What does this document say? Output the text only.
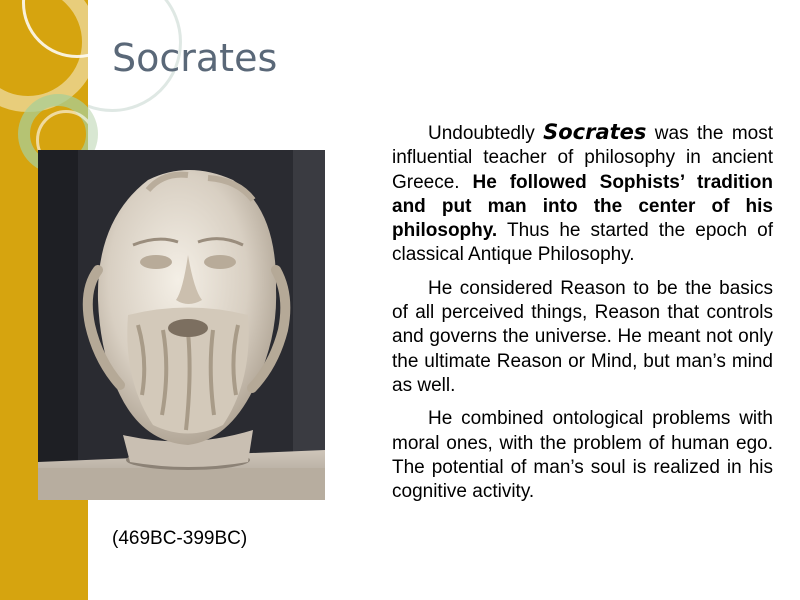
Socrates
(469BC-399BC)

Undoubtedly Socrates was the most influential teacher of philosophy in ancient Greece. He followed Sophists’ tradition and put man into the center of his philosophy. Thus he started the epoch of classical Antique Philosophy.

He considered Reason to be the basics of all perceived things, Reason that controls and governs the universe. He meant not only the ultimate Reason or Mind, but man’s mind as well.

He combined ontological problems with moral ones, with the problem of human ego. The potential of man’s soul is realized in his cognitive activity.
